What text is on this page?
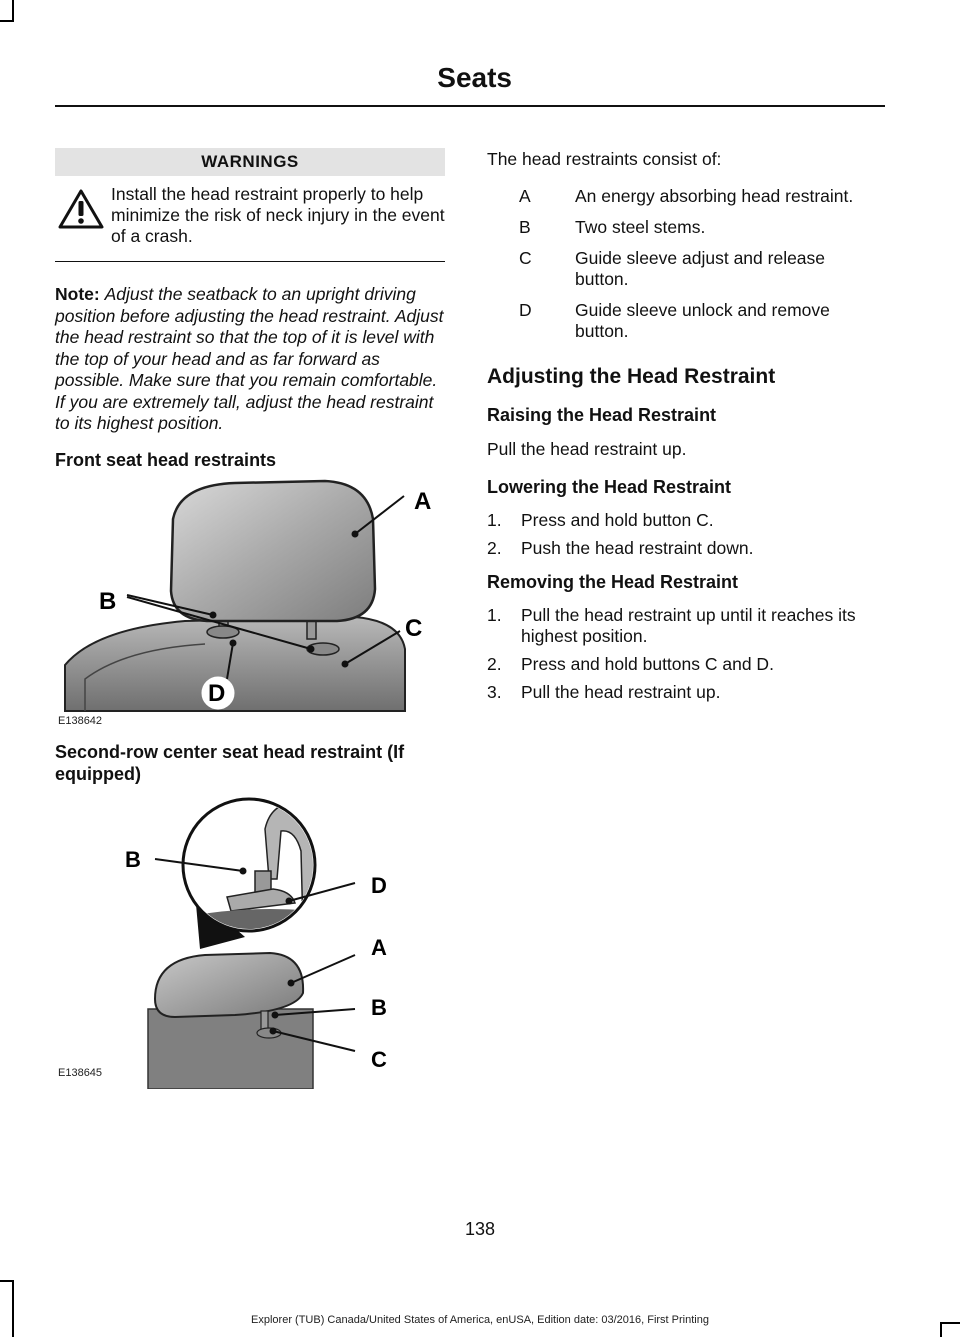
Seats
WARNINGS
Install the head restraint properly to help minimize the risk of neck injury in the event of a crash.
Note: Adjust the seatback to an upright driving position before adjusting the head restraint. Adjust the head restraint so that the top of it is level with the top of your head and as far forward as possible. Make sure that you remain comfortable. If you are extremely tall, adjust the head restraint to its highest position.
Front seat head restraints
A
B
C
D
E138642
Second-row center seat head restraint (If equipped)
B
D
A
B
C
E138645
The head restraints consist of:
A	An energy absorbing head restraint.
B	Two steel stems.
C	Guide sleeve adjust and release button.
D	Guide sleeve unlock and remove button.
Adjusting the Head Restraint
Raising the Head Restraint
Pull the head restraint up.
Lowering the Head Restraint
1.	Press and hold button C.
2.	Push the head restraint down.
Removing the Head Restraint
1.	Pull the head restraint up until it reaches its highest position.
2.	Press and hold buttons C and D.
3.	Pull the head restraint up.
138
Explorer (TUB) Canada/United States of America, enUSA, Edition date: 03/2016, First Printing
